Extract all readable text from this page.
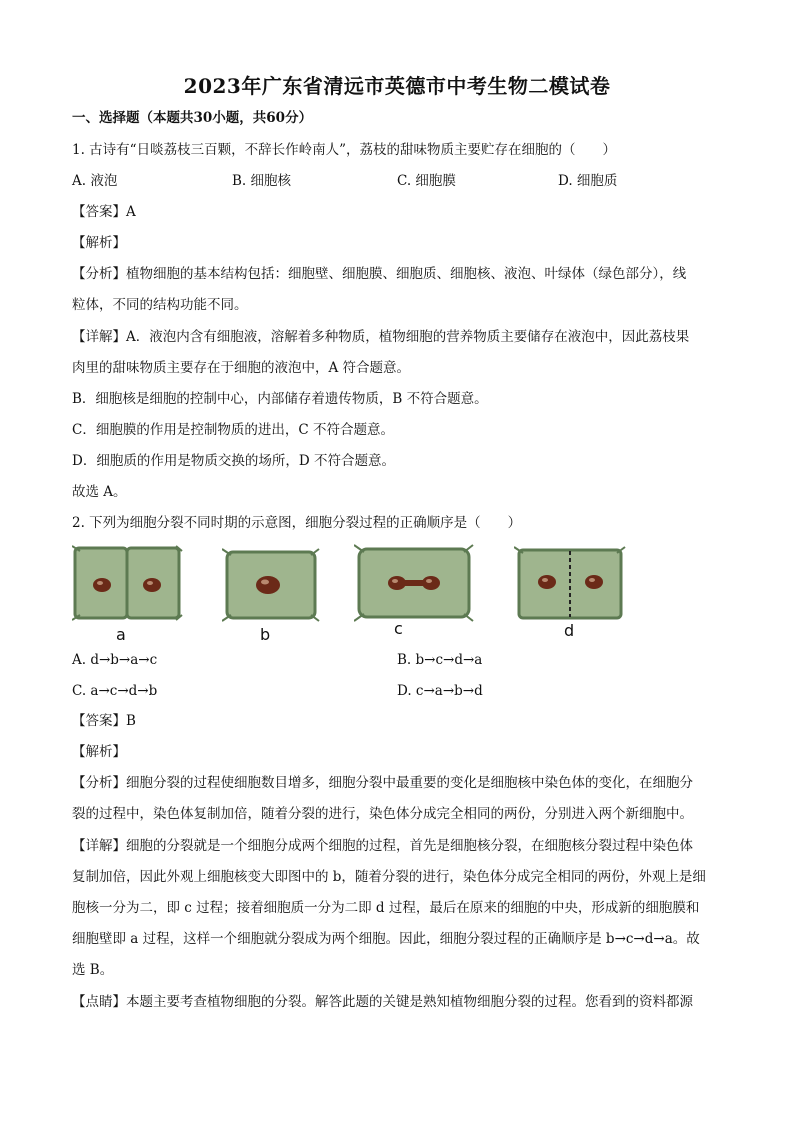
2023年广东省清远市英德市中考生物二模试卷
一、选择题（本题共30小题，共60分）
1. 古诗有“日啖荔枝三百颗，不辞长作岭南人”，荔枝的甜味物质主要贮存在细胞的（　　）
A. 液泡	B. 细胞核	C. 细胞膜	D. 细胞质
【答案】A
【解析】
【分析】植物细胞的基本结构包括：细胞壁、细胞膜、细胞质、细胞核、液泡、叶绿体（绿色部分），线
粒体，不同的结构功能不同。
【详解】A．液泡内含有细胞液，溶解着多种物质，植物细胞的营养物质主要储存在液泡中，因此荔枝果
肉里的甜味物质主要存在于细胞的液泡中，A 符合题意。
B．细胞核是细胞的控制中心，内部储存着遗传物质，B 不符合题意。
C．细胞膜的作用是控制物质的进出，C 不符合题意。
D．细胞质的作用是物质交换的场所，D 不符合题意。
故选 A。
2. 下列为细胞分裂不同时期的示意图，细胞分裂过程的正确顺序是（　　）
a	b	c	d
A. d→b→a→c	B. b→c→d→a
C. a→c→d→b	D. c→a→b→d
【答案】B
【解析】
【分析】细胞分裂的过程使细胞数目增多，细胞分裂中最重要的变化是细胞核中染色体的变化，在细胞分
裂的过程中，染色体复制加倍，随着分裂的进行，染色体分成完全相同的两份，分别进入两个新细胞中。
【详解】细胞的分裂就是一个细胞分成两个细胞的过程，首先是细胞核分裂，在细胞核分裂过程中染色体
复制加倍，因此外观上细胞核变大即图中的 b，随着分裂的进行，染色体分成完全相同的两份，外观上是细
胞核一分为二，即 c 过程；接着细胞质一分为二即 d 过程，最后在原来的细胞的中央，形成新的细胞膜和
细胞壁即 a 过程，这样一个细胞就分裂成为两个细胞。因此，细胞分裂过程的正确顺序是 b→c→d→a。故
选 B。
【点睛】本题主要考查植物细胞的分裂。解答此题的关键是熟知植物细胞分裂的过程。您看到的资料都源
